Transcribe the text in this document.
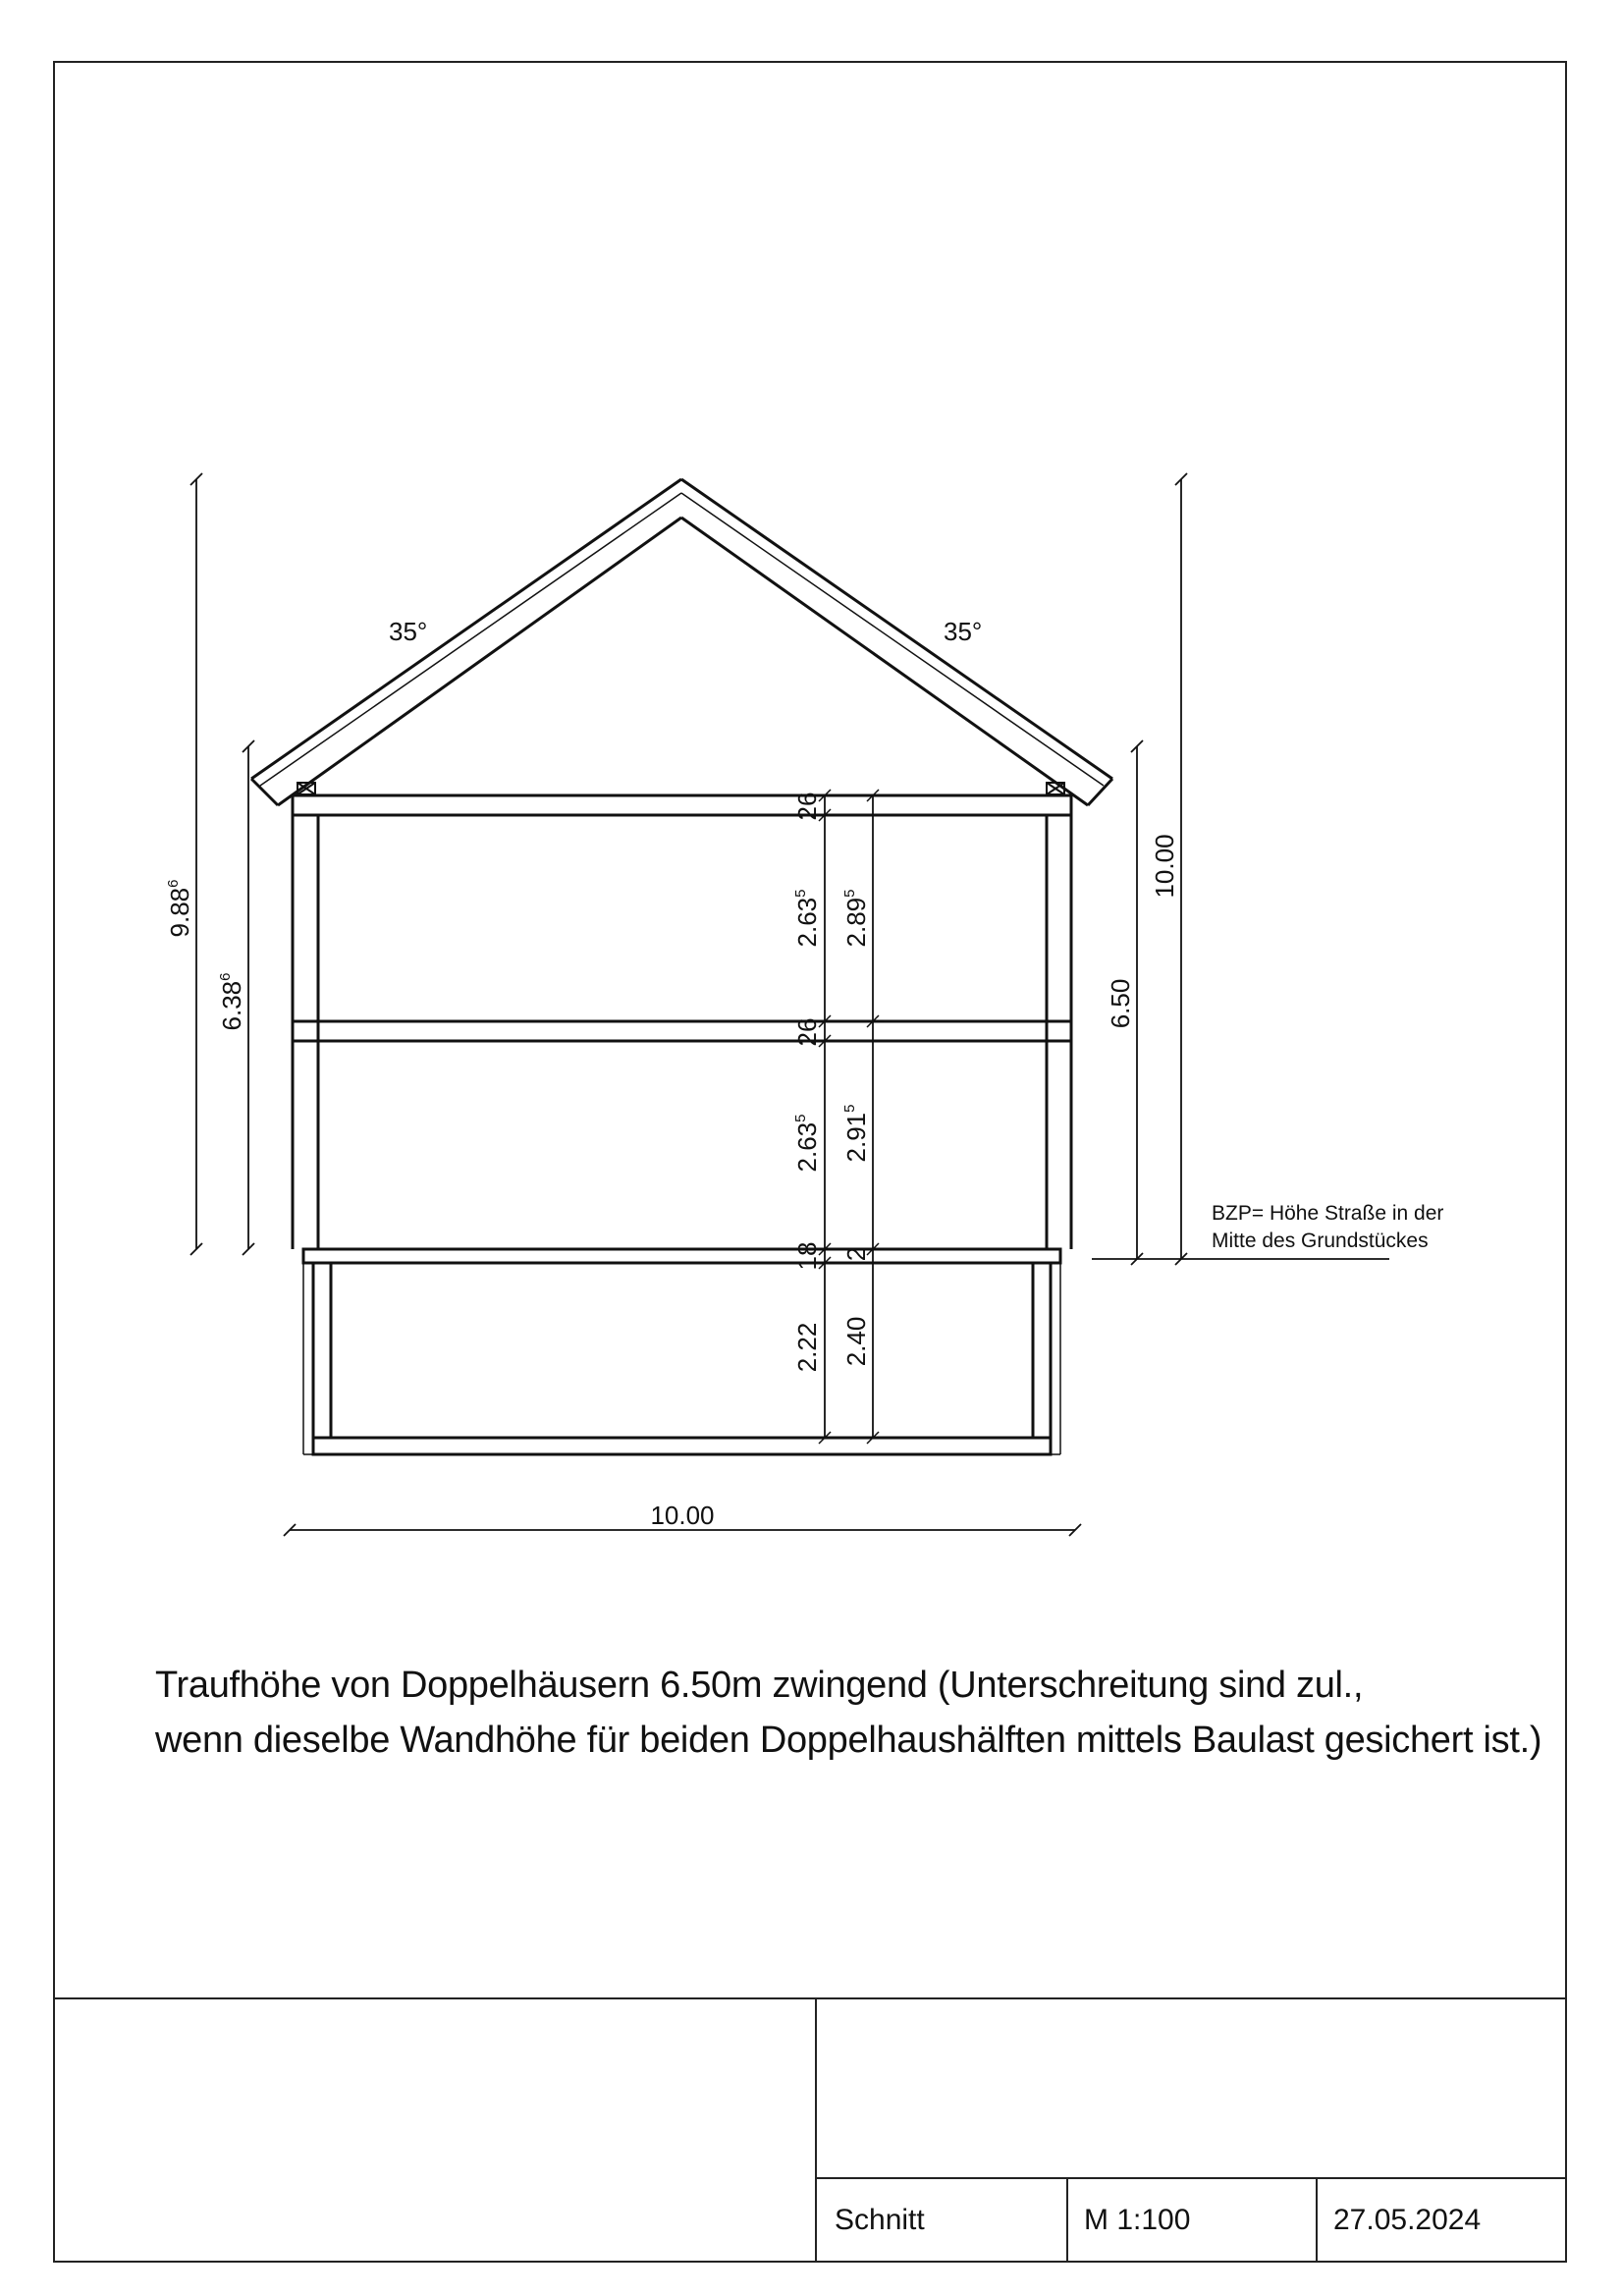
35°	35°
9.88$^6$
6.38$^6$
26
2.63$^5$
2.89$^5$
26
2.63$^5$	2.91$^5$
18 2
2.22 2.40
10.00
6.50
10.00
BZP= Höhe Straße in der
Mitte des Grundstückes
Traufhöhe von Doppelhäusern 6.50m zwingend (Unterschreitung sind zul.,
wenn dieselbe Wandhöhe für beiden Doppelhaushälften mittels Baulast gesichert ist.)
Schnitt	M 1:100	27.05.2024
